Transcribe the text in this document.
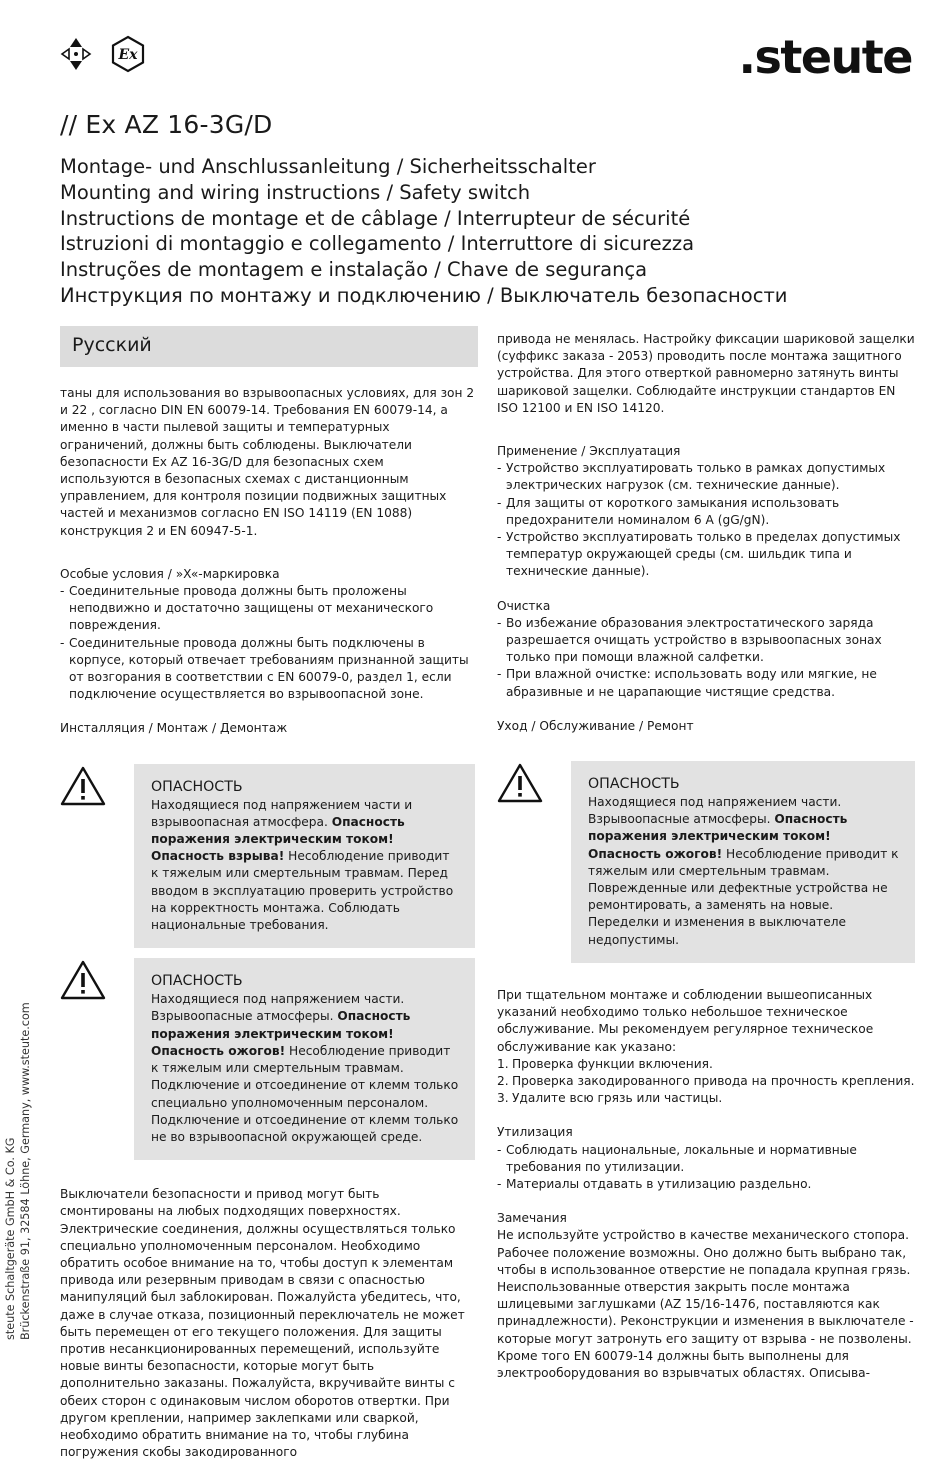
Ex	.steute
// Ex AZ 16-3G/D
Montage- und Anschlussanleitung / Sicherheitsschalter
Mounting and wiring instructions / Safety switch
Instructions de montage et de câblage / Interrupteur de sécurité
Istruzioni di montaggio e collegamento / Interruttore di sicurezza
Instruções de montagem e instalação / Chave de segurança
Инструкция по монтажу и подключению / Выключатель безопасности
Русский

таны для использования во взрывоопасных условиях, для зон 2 и 22 , согласно DIN EN 60079-14. Требования EN 60079-14, а именно в части пылевой защиты и температурных ограничений, должны быть соблюдены. Выключатели безопасности Ex AZ 16-3G/D для безопасных схем используются в безопасных схемах с дистанционным управлением, для контроля позиции подвижных защитных частей и механизмов согласно EN ISO 14119 (EN 1088) конструкция 2 и EN 60947-5-1.

Особые условия / »X«-маркировка

- Соединительные провода должны быть проложены неподвижно и достаточно защищены от механического повреждения.
- Соединительные провода должны быть подключены в корпусе, который отвечает требованиям признанной защиты от возгорания в соответствии с EN 60079-0, раздел 1, если подключение осуществляется во взрывоопасной зоне.

Инсталляция / Монтаж / Демонтаж

ОПАСНОСТЬ
Находящиеся под напряжением части и взрывоопасная атмосфера. Опасность поражения электрическим током! Опасность взрыва! Несоблюдение приводит к тяжелым или смертельным травмам. Перед вводом в эксплуатацию проверить устройство на корректность монтажа. Соблюдать национальные требования.
ОПАСНОСТЬ
Находящиеся под напряжением части. Взрывоопасные атмосферы. Опасность поражения электрическим током! Опасность ожогов! Несоблюдение приводит к тяжелым или смертельным травмам. Подключение и отсоединение от клемм только специально уполномоченным персоналом. Подключение и отсоединение от клемм только не во взрывоопасной окружающей среде.

Выключатели безопасности и привод могут быть смонтированы на любых подходящих поверхностях. Электрические соединения, должны осуществляться только специально уполномоченным персоналом. Необходимо обратить особое внимание на то, чтобы доступ к элементам привода или резервным приводам в связи с опасностью манипуляций был заблокирован. Пожалуйста убедитесь, что, даже в случае отказа, позиционный переключатель не может быть перемещен от его текущего положения. Для защиты против несанкционированных перемещений, используйте новые винты безопасности, которые могут быть дополнительно заказаны. Пожалуйста, вкручивайте винты с обеих сторон с одинаковым числом оборотов отвертки. При другом креплении, например заклепками или сваркой, необходимо обратить внимание на то, чтобы глубина погружения скобы закодированного

привода не менялась. Настройку фиксации шариковой защелки (суффикс заказа - 2053) проводить после монтажа защитного устройства. Для этого отверткой равномерно затянуть винты шариковой защелки. Соблюдайте инструкции стандартов EN ISO 12100 и EN ISO 14120.

Применение / Эксплуатация

- Устройство эксплуатировать только в рамках допустимых электрических нагрузок (см. технические данные).
- Для защиты от короткого замыкания использовать предохранители номиналом 6 A (gG/gN).
- Устройство эксплуатировать только в пределах допустимых температур окружающей среды (см. шильдик типа и технические данные).

Очистка

- Во избежание образования электростатического заряда разрешается очищать устройство в взрывоопасных зонах только при помощи влажной салфетки.
- При влажной очистке: использовать воду или мягкие, не абразивные и не царапающие чистящие средства.

Уход / Обслуживание / Ремонт

ОПАСНОСТЬ
Находящиеся под напряжением части. Взрывоопасные атмосферы. Опасность поражения электрическим током! Опасность ожогов! Несоблюдение приводит к тяжелым или смертельным травмам. Поврежденные или дефектные устройства не ремонтировать, а заменять на новые. Переделки и изменения в выключателе недопустимы.

При тщательном монтаже и соблюдении вышеописанных указаний необходимо только небольшое техническое обслуживание. Мы рекомендуем регулярное техническое обслуживание как указано:

1. Проверка функции включения.
2. Проверка закодированного привода на прочность крепления.
3. Удалите всю грязь или частицы.

Утилизация

- Соблюдать национальные, локальные и нормативные требования по утилизации.
- Материалы отдавать в утилизацию раздельно.

Замечания

Не используйте устройство в качестве механического стопора. Рабочее положение возможны. Оно должно быть выбрано так, чтобы в использованное отверстие не попадала крупная грязь. Неиспользованные отверстия закрыть после монтажа шлицевыми заглушками (AZ 15/16-1476, поставляются как принадлежности). Реконструкции и изменения в выключателе - которые могут затронуть его защиту от взрыва - не позволены. Кроме того EN 60079-14 должны быть выполнены для электрооборудования во взрывчатых областях. Описыва-

steute Schaltgeräte GmbH & Co. KG Brückenstraße 91, 32584 Löhne, Germany, www.steute.com
